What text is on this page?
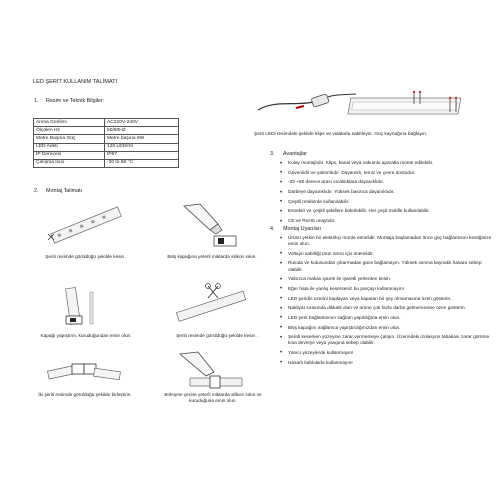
LED ŞERİT KULLANIM TALİMATI
1. Resim ve Teknik Bilgiler:
Anma Gerilimi	AC220V-240V
Ölçülen Hz	50/60HZ
Metre Başına Güç	Metre başına 9W
LED Adeti	120 LED/mt
IP Derecesi	IP67
Çalışma Isısı	-20 to 60 °C
Şerit LEDi resimdeki şekilde klips ve vidalarla sabitleyin. Güç kaynağına bağlayın.
2. Montaj Talimatı
Şeriti resimde görüldüğü şekilde kesin .	Bitiş kapağına yeterli miktarda silikon sıkın.
Kapağı yapıştırın, kuruduğundan emin olun.	Şeriti resimde görüldüğü şekilde kesin .
İki şeriti resimde görüldüğü şekilde birleştirin.	Birleşme yerine yeterli miktarda silikon sıkın ve kuruduğuna emin olun.
3. Avantajlar
• Kolay montajlıdır. Klips, kanal veya vakumlu aparatla monte edilebilir.
• Güvenlidir ve yalıtımlıdır. Dayanıklı, temiz ve çevre dostudur.
• -20 +60 derece arası sıcaklıklara dayanıklıdır.
• Darbeye dayanıklıdır. Yüksek basınca dayanıklıdır.
• Çeşitli renklerde kullanılabilir.
• Esnektir ve çeşitli şekillere bükülebilir. Her çeşit motifle kullanılabilir.
• CE ve RoHS onaylıdır.
4. Montaj Uyarıları
• Ürünü yetkin bir elektrikçi monte etmelidir. Montaja başlamadan önce güç bağlantısını kestiğinize emin olun.
• Voltajın sabitliği ürün ömrü için önemlidir.
• Ruloda ve kutusundan çıkarmadan güce bağlamayın. Yüksek ısınma kaynaklı hasara sebep olabilir.
• Yalnızca makas işareti ile işaretli yerlerden kesin.
• Eğer hata ile yanlış keserseniz bu parçayı kullanmayın!
• LED şeridin üzerini kaplayan veya kapatan bir şey olmamasına özen gösterin.
• Nakliyat sırasında dikkatli olun ve ürüne çok fazla darbe gelmemesine özen gösterin.
• LED şerit bağlantısının sağlam yapıldığına emin olun.
• Bitiş kapağını sağlamca yapıştırdığınızdan emin olun.
• Şeridi keserken yüzeyine zarar vermemeye çalışın. Üzerindeki izolasyon tabakası zarar görürse kısa devreye veya yangına sebep olabilir.
• Yanıcı yüzeylerde kullanmayın!
• Hasarlı kablolarla kullanmayın!
